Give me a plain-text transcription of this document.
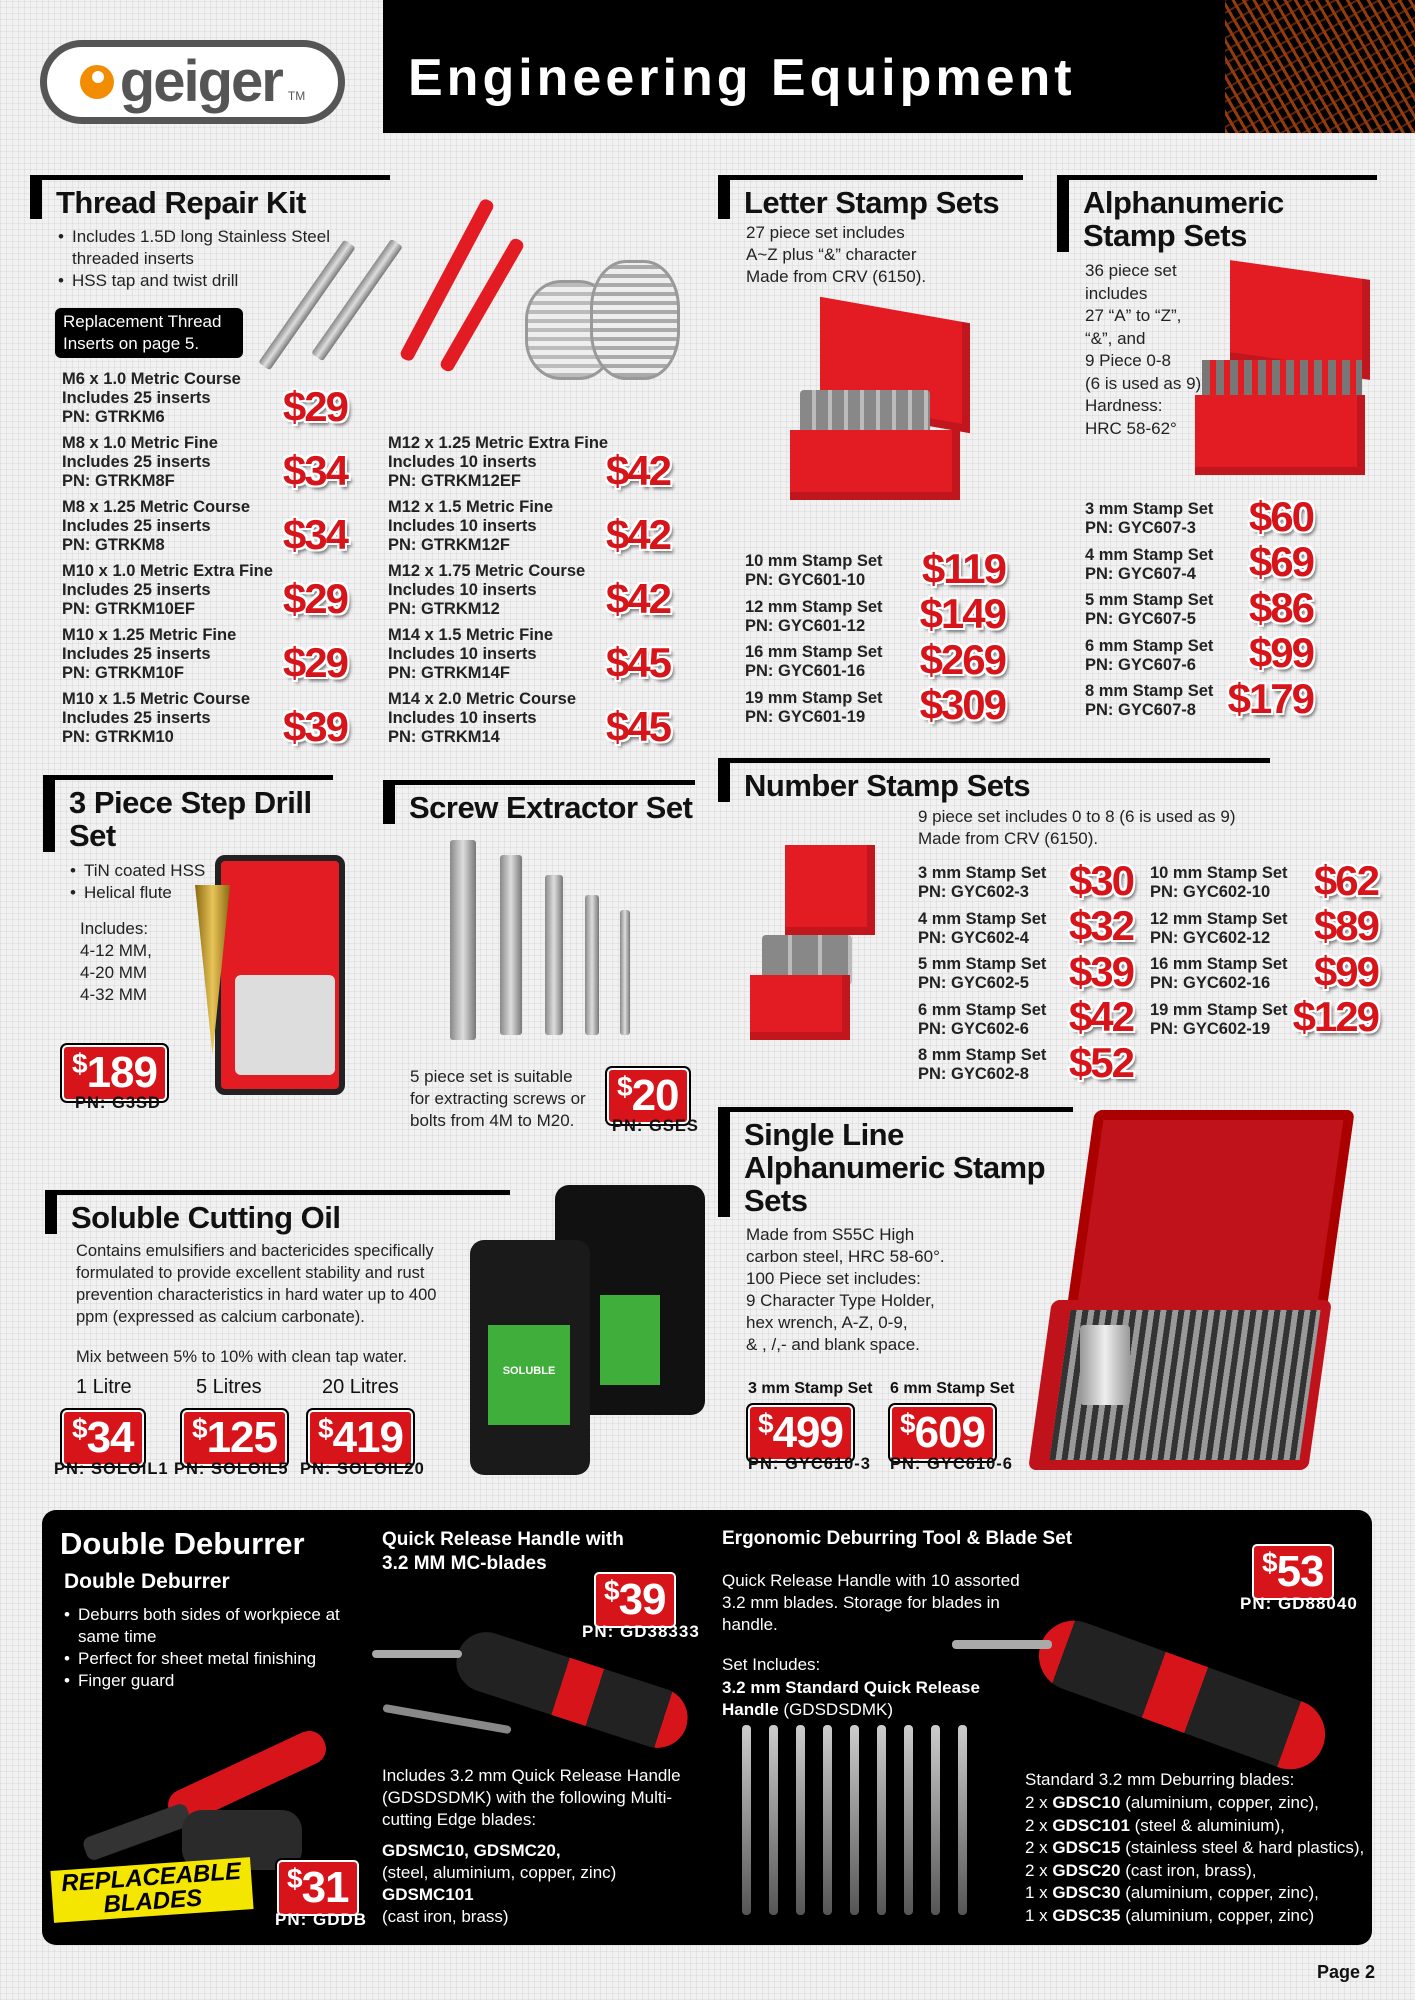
geiger TM Engineering Equipment
Thread Repair Kit
• Includes 1.5D long Stainless Steel threaded inserts
• HSS tap and twist drill
Replacement Thread Inserts on page 5.
M6 x 1.0 Metric Course
Includes 25 inserts
PN: GTRKM6	$29
M8 x 1.0 Metric Fine
Includes 25 inserts
PN: GTRKM8F	$34
M8 x 1.25 Metric Course
Includes 25 inserts
PN: GTRKM8	$34
M10 x 1.0 Metric Extra Fine
Includes 25 inserts
PN: GTRKM10EF	$29
M10 x 1.25 Metric Fine
Includes 25 inserts
PN: GTRKM10F	$29
M10 x 1.5 Metric Course
Includes 25 inserts
PN: GTRKM10	$39
M12 x 1.25 Metric Extra Fine
Includes 10 inserts
PN: GTRKM12EF	$42
M12 x 1.5 Metric Fine
Includes 10 inserts
PN: GTRKM12F	$42
M12 x 1.75 Metric Course
Includes 10 inserts
PN: GTRKM12	$42
M14 x 1.5 Metric Fine
Includes 10 inserts
PN: GTRKM14F	$45
M14 x 2.0 Metric Course
Includes 10 inserts
PN: GTRKM14	$45
Letter Stamp Sets
27 piece set includes
A~Z plus “&” character
Made from CRV (6150).
10 mm Stamp Set
PN: GYC601-10	$119
12 mm Stamp Set
PN: GYC601-12	$149
16 mm Stamp Set
PN: GYC601-16	$269
19 mm Stamp Set
PN: GYC601-19	$309
Alphanumeric Stamp Sets
36 piece set
includes
27 “A” to “Z”,
“&”, and
9 Piece 0-8
(6 is used as 9)
Hardness:
HRC 58-62°
3 mm Stamp Set
PN: GYC607-3	$60
4 mm Stamp Set
PN: GYC607-4	$69
5 mm Stamp Set
PN: GYC607-5	$86
6 mm Stamp Set
PN: GYC607-6	$99
8 mm Stamp Set
PN: GYC607-8 $179
3 Piece Step Drill Set
• TiN coated HSS
• Helical flute
Includes:
4-12 MM,
4-20 MM
4-32 MM
$189
PN: G3SD
Screw Extractor Set
5 piece set is suitable
for extracting screws or
bolts from 4M to M20.
$20
PN: GSES
Number Stamp Sets
9 piece set includes 0 to 8 (6 is used as 9)
Made from CRV (6150).
3 mm Stamp Set
PN: GYC602-3 $30
4 mm Stamp Set
PN: GYC602-4 $32
5 mm Stamp Set
PN: GYC602-5 $39
6 mm Stamp Set
PN: GYC602-6 $42
8 mm Stamp Set
PN: GYC602-8 $52
10 mm Stamp Set
PN: GYC602-10	$62
12 mm Stamp Set
PN: GYC602-12	$89
16 mm Stamp Set
PN: GYC602-16	$99
19 mm Stamp Set
PN: GYC602-19 $129
Single Line Alphanumeric Stamp Sets
Made from S55C High
carbon steel, HRC 58-60°.
100 Piece set includes:
9 Character Type Holder,
hex wrench, A-Z, 0-9,
& , /,- and blank space.
3 mm Stamp Set 6 mm Stamp Set
$499	$609
PN: GYC610-3 PN: GYC610-6
Soluble Cutting Oil
Contains emulsifiers and bactericides specifically formulated to provide excellent stability and rust prevention characteristics in hard water up to 400 ppm (expressed as calcium carbonate).
Mix between 5% to 10% with clean tap water.
SOLUBLE
1 Litre
$34
PN: SOLOIL1
5 Litres
$125
PN: SOLOIL5
20 Litres
$419
PN: SOLOIL20
Double Deburrer
Double Deburrer
• Deburrs both sides of workpiece at same time
• Perfect for sheet metal finishing
• Finger guard
REPLACEABLE BLADES
$31
PN: GDDB
Quick Release Handle with 3.2 MM MC-blades
$39
PN: GD38333
Includes 3.2 mm Quick Release Handle (GDSDSDMK) with the following Multi-cutting Edge blades:
GDSMC10, GDSMC20,
(steel, aluminium, copper, zinc)
GDSMC101
(cast iron, brass)
Ergonomic Deburring Tool & Blade Set
Quick Release Handle with 10 assorted 3.2 mm blades. Storage for blades in handle.
Set Includes:
3.2 mm Standard Quick Release Handle (GDSDSDMK)
$53
PN: GD88040
Standard 3.2 mm Deburring blades:
2 x GDSC10 (aluminium, copper, zinc),
2 x GDSC101 (steel & aluminium),
2 x GDSC15 (stainless steel & hard plastics),
2 x GDSC20 (cast iron, brass),
1 x GDSC30 (aluminium, copper, zinc),
1 x GDSC35 (aluminium, copper, zinc)
Page 2
